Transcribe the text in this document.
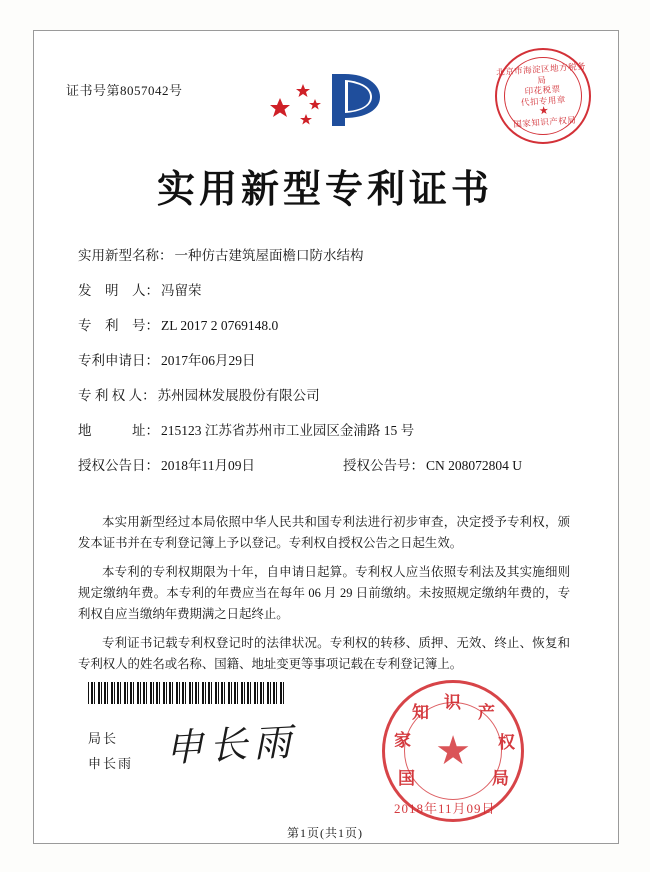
证书号第8057042号
北京市海淀区地方税务局
印花税票
代扣专用章
★
国家知识产权局
实用新型专利证书
实用新型名称： 一种仿古建筑屋面檐口防水结构
发　明　人： 冯留荣
专　利　号： ZL 2017 2 0769148.0
专利申请日： 2017年06月29日
专 利 权 人： 苏州园林发展股份有限公司
地　　　址： 215123 江苏省苏州市工业园区金浦路 15 号
授权公告日： 2018年11月09日	授权公告号： CN 208072804 U

本实用新型经过本局依照中华人民共和国专利法进行初步审查，决定授予专利权，颁发本证书并在专利登记簿上予以登记。专利权自授权公告之日起生效。

本专利的专利权期限为十年，自申请日起算。专利权人应当依照专利法及其实施细则规定缴纳年费。本专利的年费应当在每年 06 月 29 日前缴纳。未按照规定缴纳年费的，专利权自应当缴纳年费期满之日起终止。

专利证书记载专利权登记时的法律状况。专利权的转移、质押、无效、终止、恢复和专利权人的姓名或名称、国籍、地址变更等事项记载在专利登记簿上。

局长
申长雨 申长雨	★
识
产
权
局
家
知
国
2018年11月09日
第1页(共1页)
